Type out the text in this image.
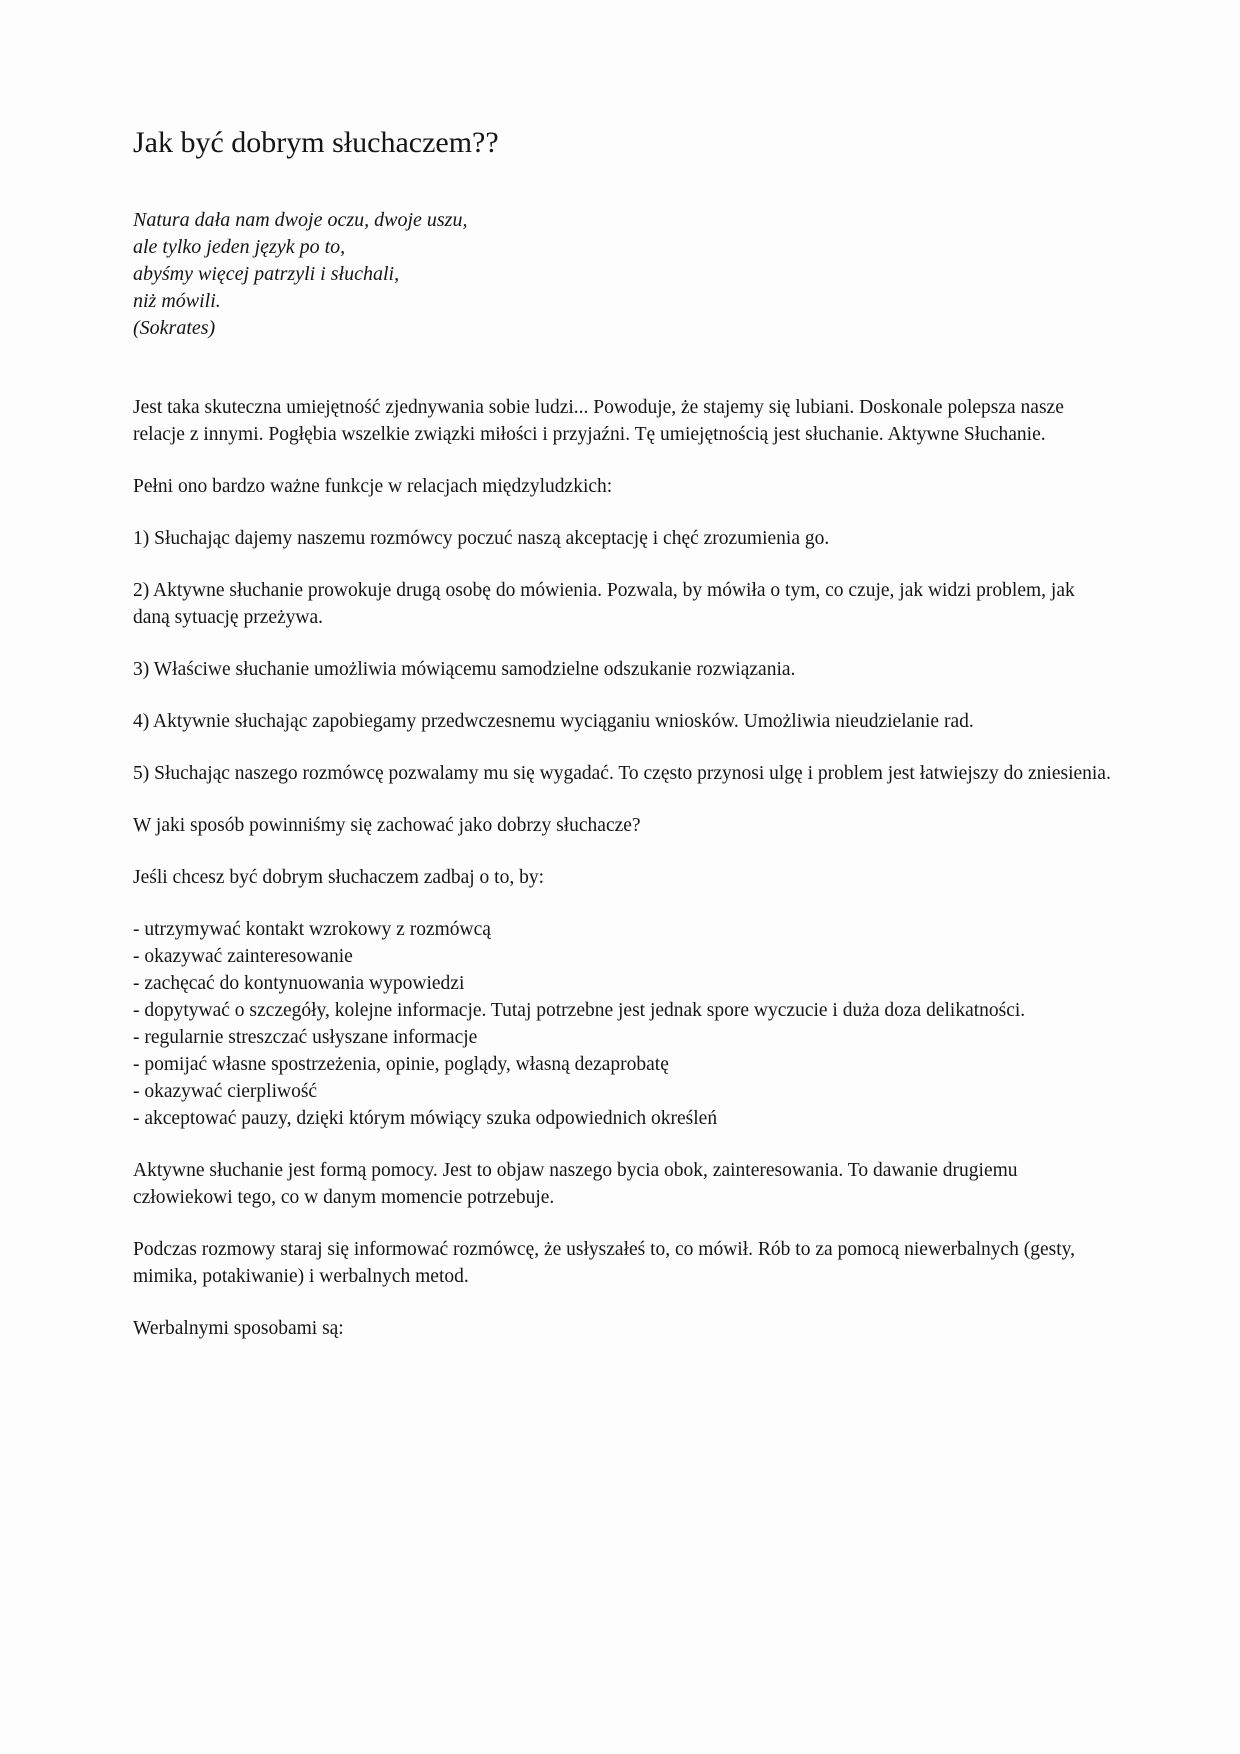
Jak być dobrym słuchaczem??
Natura dała nam dwoje oczu, dwoje uszu,
ale tylko jeden język po to,
abyśmy więcej patrzyli i słuchali,
niż mówili.
(Sokrates)

Jest taka skuteczna umiejętność zjednywania sobie ludzi... Powoduje, że stajemy się lubiani. Doskonale polepsza nasze relacje z innymi. Pogłębia wszelkie związki miłości i przyjaźni. Tę umiejętnością jest słuchanie. Aktywne Słuchanie.

Pełni ono bardzo ważne funkcje w relacjach międzyludzkich:

1) Słuchając dajemy naszemu rozmówcy poczuć naszą akceptację i chęć zrozumienia go.

2) Aktywne słuchanie prowokuje drugą osobę do mówienia. Pozwala, by mówiła o tym, co czuje, jak widzi problem, jak daną sytuację przeżywa.

3) Właściwe słuchanie umożliwia mówiącemu samodzielne odszukanie rozwiązania.

4) Aktywnie słuchając zapobiegamy przedwczesnemu wyciąganiu wniosków. Umożliwia nieudzielanie rad.

5) Słuchając naszego rozmówcę pozwalamy mu się wygadać. To często przynosi ulgę i problem jest łatwiejszy do zniesienia.

W jaki sposób powinniśmy się zachować jako dobrzy słuchacze?

Jeśli chcesz być dobrym słuchaczem zadbaj o to, by:

- utrzymywać kontakt wzrokowy z rozmówcą
- okazywać zainteresowanie
- zachęcać do kontynuowania wypowiedzi
- dopytywać o szczegóły, kolejne informacje. Tutaj potrzebne jest jednak spore wyczucie i duża doza delikatności.
- regularnie streszczać usłyszane informacje
- pomijać własne spostrzeżenia, opinie, poglądy, własną dezaprobatę
- okazywać cierpliwość
- akceptować pauzy, dzięki którym mówiący szuka odpowiednich określeń

Aktywne słuchanie jest formą pomocy. Jest to objaw naszego bycia obok, zainteresowania. To dawanie drugiemu człowiekowi tego, co w danym momencie potrzebuje.

Podczas rozmowy staraj się informować rozmówcę, że usłyszałeś to, co mówił. Rób to za pomocą niewerbalnych (gesty, mimika, potakiwanie) i werbalnych metod.

Werbalnymi sposobami są:
